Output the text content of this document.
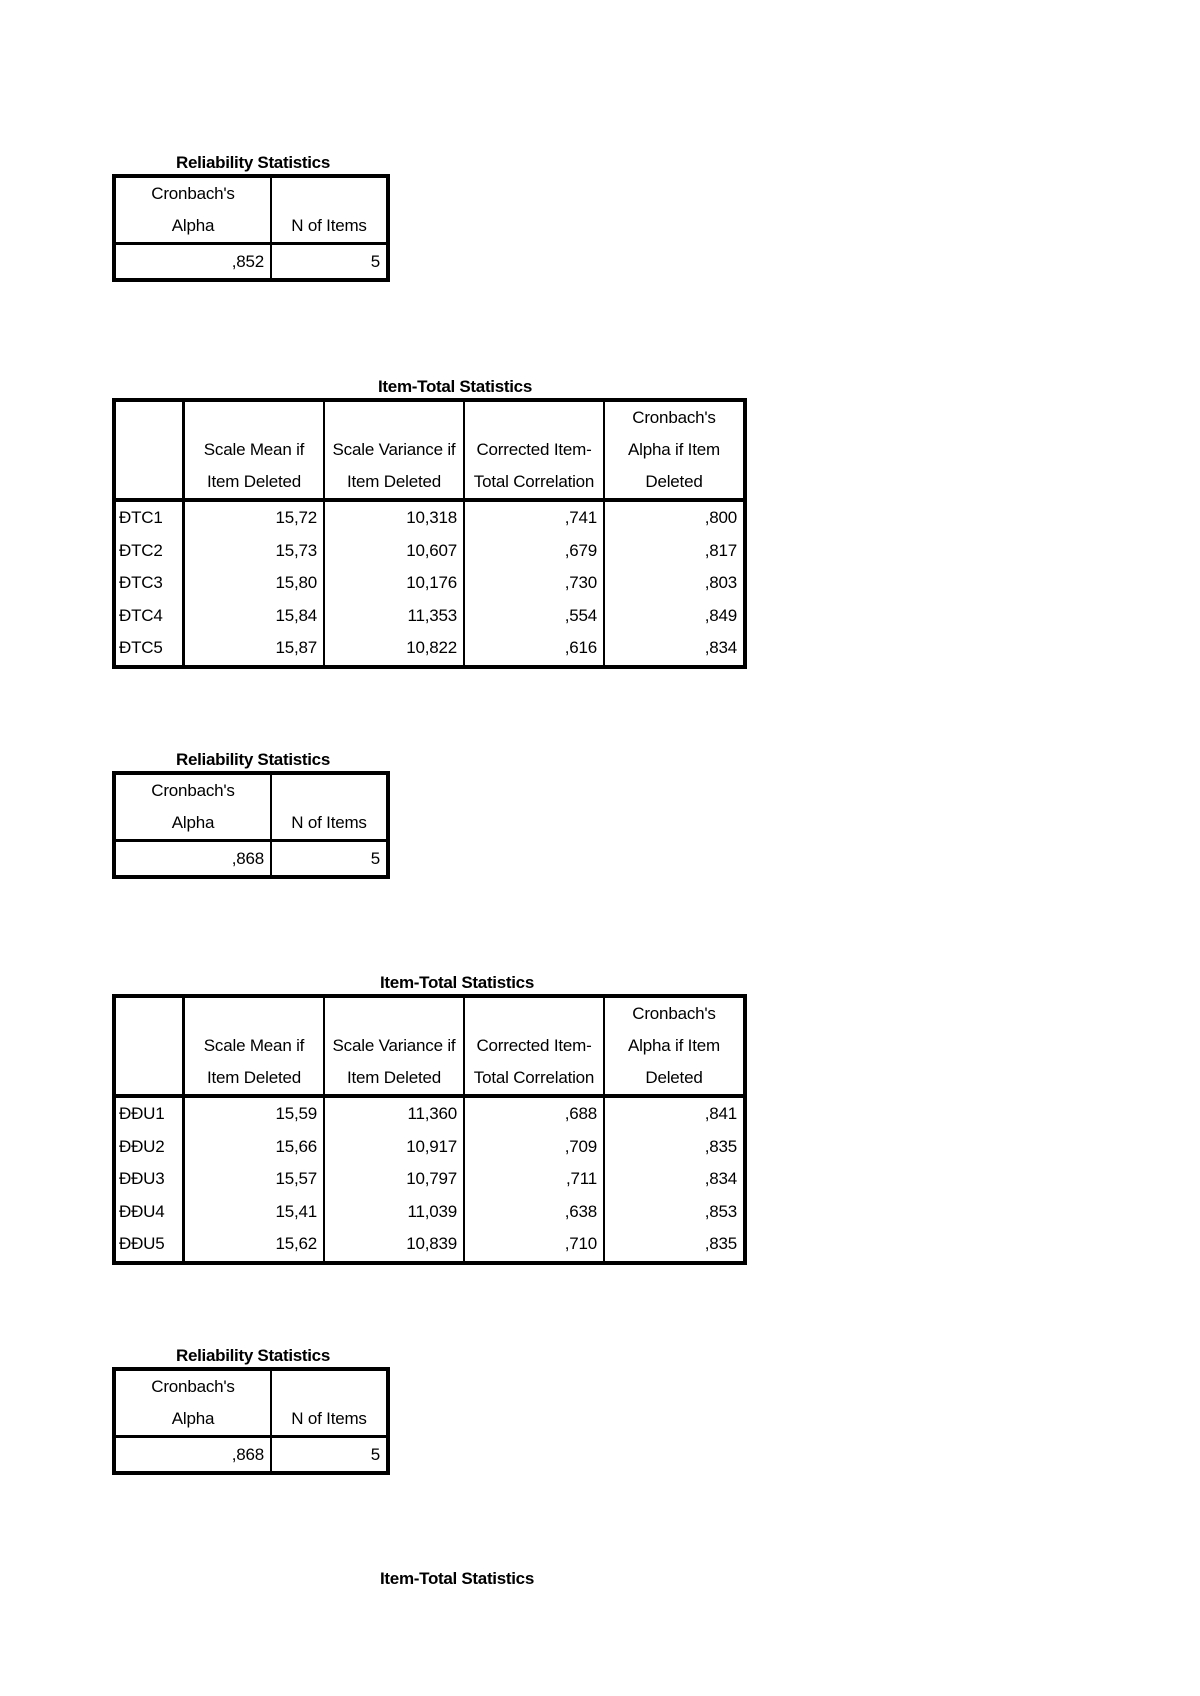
Reliability Statistics
Cronbach's	
Alpha	N of Items
,852	5
Item-Total Statistics
				Cronbach's
	Scale Mean if	Scale Variance if	Corrected Item-	Alpha if Item
	Item Deleted	Item Deleted	Total Correlation	Deleted
ĐTC1	15,72	10,318	,741	,800
ĐTC2	15,73	10,607	,679	,817
ĐTC3	15,80	10,176	,730	,803
ĐTC4	15,84	11,353	,554	,849
ĐTC5	15,87	10,822	,616	,834
Reliability Statistics
Cronbach's	
Alpha	N of Items
,868	5
Item-Total Statistics
				Cronbach's
	Scale Mean if	Scale Variance if	Corrected Item-	Alpha if Item
	Item Deleted	Item Deleted	Total Correlation	Deleted
ĐĐU1	15,59	11,360	,688	,841
ĐĐU2	15,66	10,917	,709	,835
ĐĐU3	15,57	10,797	,711	,834
ĐĐU4	15,41	11,039	,638	,853
ĐĐU5	15,62	10,839	,710	,835
Reliability Statistics
Cronbach's	
Alpha	N of Items
,868	5
Item-Total Statistics
